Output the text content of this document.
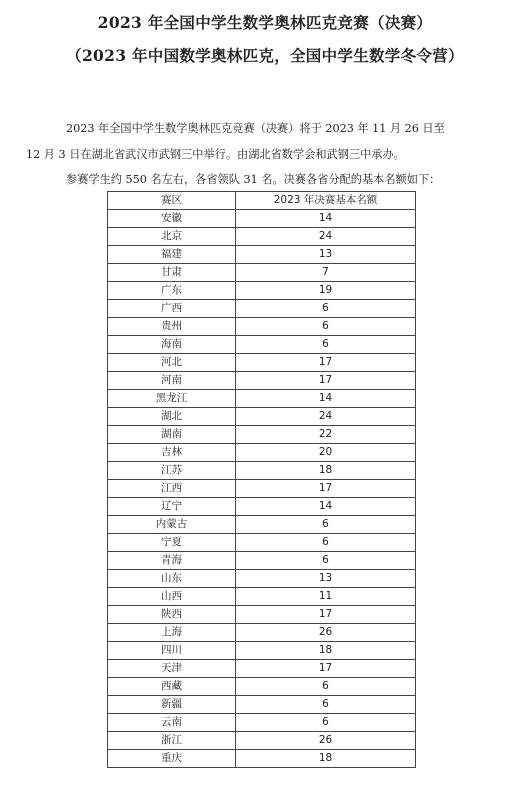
2023 年全国中学生数学奥林匹克竞赛（决赛）
（2023 年中国数学奥林匹克，全国中学生数学冬令营）
2023 年全国中学生数学奥林匹克竞赛（决赛）将于 2023 年 11 月 26 日至
12 月 3 日在湖北省武汉市武钢三中举行。由湖北省数学会和武钢三中承办。
参赛学生约 550 名左右，各省领队 31 名。决赛各省分配的基本名额如下：
赛区	2023 年决赛基本名额
安徽	14
北京	24
福建	13
甘肃	7
广东	19
广西	6
贵州	6
海南	6
河北	17
河南	17
黑龙江	14
湖北	24
湖南	22
吉林	20
江苏	18
江西	17
辽宁	14
内蒙古	6
宁夏	6
青海	6
山东	13
山西	11
陕西	17
上海	26
四川	18
天津	17
西藏	6
新疆	6
云南	6
浙江	26
重庆	18
